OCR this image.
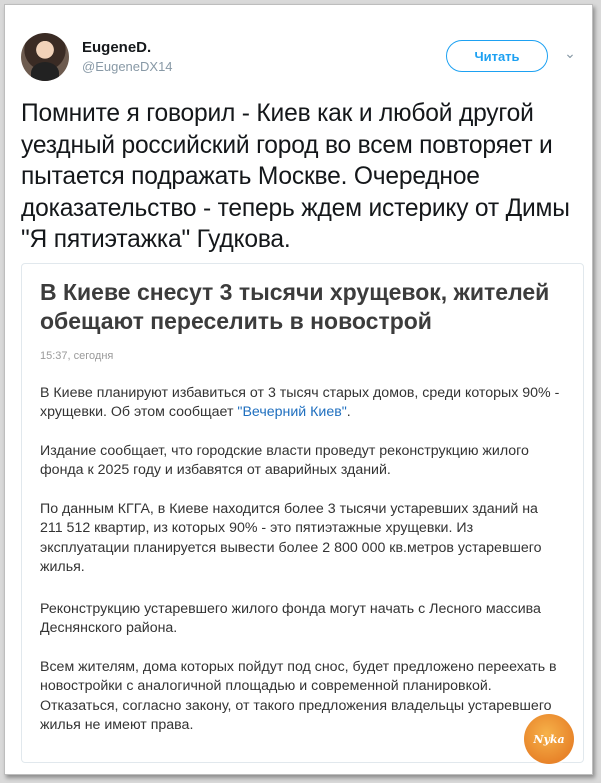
EugeneD.
@EugeneDX14
Читать	⌄
Помните я говорил - Киев как и любой другой уездный российский город во всем повторяет и пытается подражать Москве. Очередное доказательство - теперь ждем истерику от Димы "Я пятиэтажка" Гудкова.
В Киеве снесут 3 тысячи хрущевок, жителей обещают переселить в новострой
15:37, сегодня
В Киеве планируют избавиться от 3 тысяч старых домов, среди которых 90% - хрущевки. Об этом сообщает "Вечерний Киев".
Издание сообщает, что городские власти проведут реконструкцию жилого фонда к 2025 году и избавятся от аварийных зданий.
По данным КГГА, в Киеве находится более 3 тысячи устаревших зданий на 211 512 квартир, из которых 90% - это пятиэтажные хрущевки. Из эксплуатации планируется вывести более 2 800 000 кв.метров устаревшего жилья.
Реконструкцию устаревшего жилого фонда могут начать с Лесного массива Деснянского района.
Всем жителям, дома которых пойдут под снос, будет предложено переехать в новостройки с аналогичной площадью и современной планировкой. Отказаться, согласно закону, от такого предложения владельцы устаревшего жилья не имеют права.
Nyka
